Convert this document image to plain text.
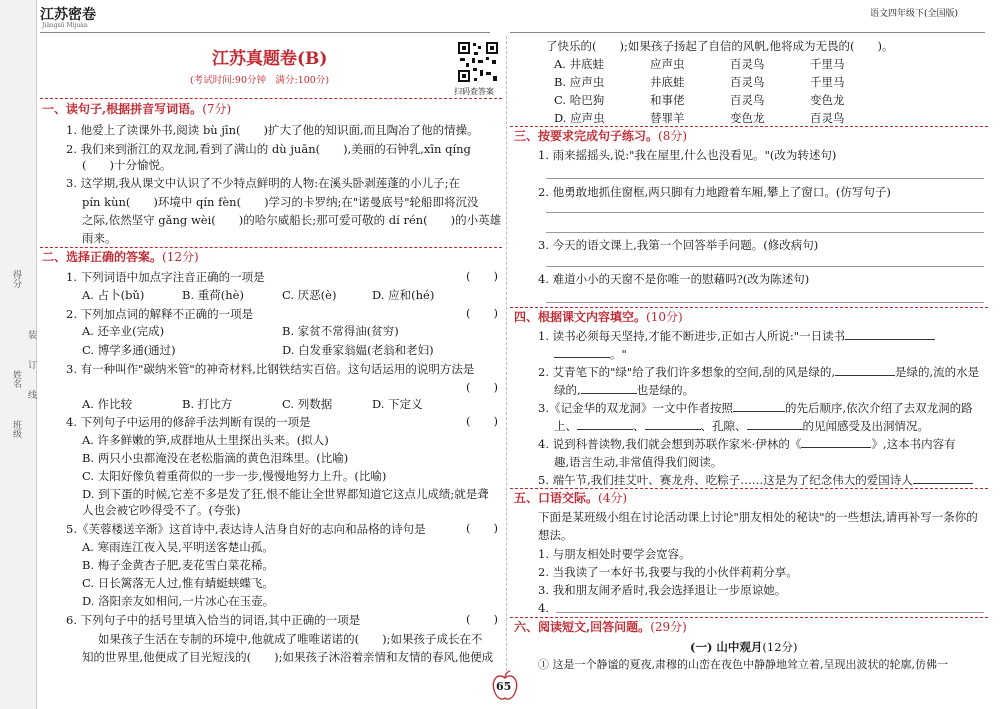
班级
姓名
得分
装
订
线
江苏密卷
Jiāngsū Mìjuàn
语文四年级下(全国版)
江苏真题卷(B)
(考试时间:90分钟　满分:100分)
扫码查答案
一、读句子,根据拼音写词语。(7分)
1. 他爱上了读课外书,阅读 bù jīn(　　)扩大了他的知识面,而且陶冶了他的情操。
2. 我们来到浙江的双龙洞,看到了满山的 dù juān(　　),美丽的石钟乳,xīn qíng
(　　)十分愉悦。
3. 这学期,我从课文中认识了不少特点鲜明的人物:在溪头卧剥莲蓬的小儿子;在
pín kùn(　　)环境中 qín fèn(　　)学习的卡罗纳;在"诺曼底号"轮船即将沉没
之际,依然坚守 gǎng wèi(　　)的哈尔威船长;那可爱可敬的 dí rén(　　)的小英雄
雨来。
二、选择正确的答案。(12分)
1. 下列词语中加点字注音正确的一项是	(　　)
A. 占卜(bǔ)	B. 重荷(hè)	C. 厌恶(è)	D. 应和(hé)
2. 下列加点词的解释不正确的一项是	(　　)
A. 还辛业(完成)	B. 家贫不常得油(贫穷)
C. 博学多通(通过)	D. 白发垂家翁媪(老翁和老妇)
3. 有一种叫作"碳纳米管"的神奇材料,比钢铁结实百倍。这句话运用的说明方法是
(　　)
A. 作比较	B. 打比方	C. 列数据	D. 下定义
4. 下列句子中运用的修辞手法判断有误的一项是	(　　)
A. 许多鲜嫩的笋,成群地从土里探出头来。(拟人)
B. 两只小虫都淹没在老松脂滴的黄色泪珠里。(比喻)
C. 太阳好像负着重荷似的一步一步,慢慢地努力上升。(比喻)
D. 到下蛋的时候,它差不多是发了狂,恨不能让全世界都知道它这点儿成绩;就是聋
人也会被它吵得受不了。(夸张)
5.《芙蓉楼送辛渐》这首诗中,表达诗人洁身自好的志向和品格的诗句是	(　　)
A. 寒雨连江夜入吴,平明送客楚山孤。
B. 梅子金黄杏子肥,麦花雪白菜花稀。
C. 日长篱落无人过,惟有蜻蜓蛱蝶飞。
D. 洛阳亲友如相问,一片冰心在玉壶。
6. 下列句子中的括号里填入恰当的词语,其中正确的一项是	(　　)
如果孩子生活在专制的环境中,他就成了唯唯诺诺的(　　);如果孩子成长在不
知的世界里,他便成了目光短浅的(　　);如果孩子沐浴着亲情和友情的春风,他便成
65
了快乐的(　　);如果孩子扬起了自信的风帆,他将成为无畏的(　　)。
A. 井底蛙	应声虫	百灵鸟	千里马
B. 应声虫	井底蛙	百灵鸟	千里马
C. 哈巴狗	和事佬	百灵鸟	变色龙
D. 应声虫	替罪羊	变色龙	百灵鸟
三、按要求完成句子练习。(8分)
1. 雨来摇摇头,说:"我在屋里,什么也没看见。"(改为转述句)
2. 他勇敢地抓住窗框,两只脚有力地蹬着车厢,攀上了窗口。(仿写句子)
3. 今天的语文课上,我第一个回答举手问题。(修改病句)
4. 难道小小的天窗不是你唯一的慰藉吗?(改为陈述句)
四、根据课文内容填空。(10分)
1. 读书必须每天坚持,才能不断进步,正如古人所说:"一日读书
。"
2. 艾青笔下的"绿"给了我们许多想象的空间,刮的风是绿的,	是绿的,流的水是
绿的,	也是绿的。
3.《记金华的双龙洞》一文中作者按照	的先后顺序,依次介绍了去双龙洞的路
上、	、	、孔隙、	的见闻感受及出洞情况。
4. 说到科普读物,我们就会想到苏联作家米·伊林的《	》,这本书内容有
趣,语言生动,非常值得我们阅读。
5. 端午节,我们挂艾叶、赛龙舟、吃粽子……这是为了纪念伟大的爱国诗人
五、口语交际。(4分)
下面是某班级小组在讨论活动课上讨论"朋友相处的秘诀"的一些想法,请再补写一条你的
想法。
1. 与朋友相处时要学会宽容。
2. 当我读了一本好书,我要与我的小伙伴莉莉分享。
3. 我和朋友闹矛盾时,我会选择退让一步原谅她。
4.
六、阅读短文,回答问题。(29分)
(一) 山中观月(12分)
① 这是一个静谧的夏夜,肃穆的山峦在夜色中静静地耸立着,呈现出波状的轮廓,仿佛一
